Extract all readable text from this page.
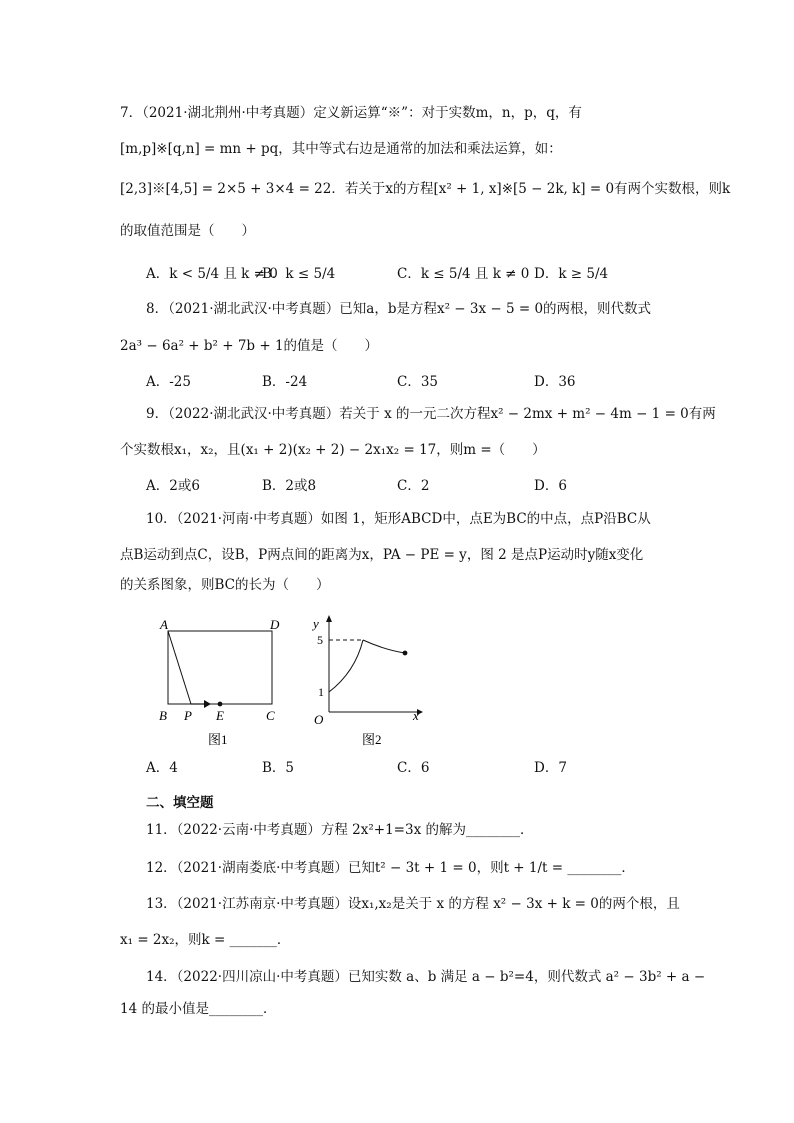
7．（2021·湖北荆州·中考真题）定义新运算“※”：对于实数m，n，p，q，有
[m,p]※[q,n] = mn + pq，其中等式右边是通常的加法和乘法运算，如：
[2,3]※[4,5] = 2×5 + 3×4 = 22．若关于x的方程[x² + 1, x]※[5 − 2k, k] = 0有两个实数根，则k
的取值范围是（　　）
A．k < 5/4 且 k ≠ 0
B．k ≤ 5/4	C．k ≤ 5/4 且 k ≠ 0 D．k ≥ 5/4
8．（2021·湖北武汉·中考真题）已知a，b是方程x² − 3x − 5 = 0的两根，则代数式
2a³ − 6a² + b² + 7b + 1的值是（　　）
A．-25	B．-24	C．35	D．36
9．（2022·湖北武汉·中考真题）若关于 x 的一元二次方程x² − 2mx + m² − 4m − 1 = 0有两
个实数根x₁，x₂，且(x₁ + 2)(x₂ + 2) − 2x₁x₂ = 17，则m =（　　）
A．2或6	B．2或8	C．2	D．6
10．（2021·河南·中考真题）如图 1，矩形ABCD中，点E为BC的中点，点P沿BC从
点B运动到点C，设B，P两点间的距离为x，PA − PE = y，图 2 是点P运动时y随x变化
的关系图象，则BC的长为（　　）
A	D
B P E	C
图1
y
5
1
O	x
图2
A．4	B．5	C．6	D．7
二、填空题
11．（2022·云南·中考真题）方程 2x²+1=3x 的解为________．
12．（2021·湖南娄底·中考真题）已知t² − 3t + 1 = 0，则t + 1/t = ________．
13．（2021·江苏南京·中考真题）设x₁,x₂是关于 x 的方程 x² − 3x + k = 0的两个根，且
x₁ = 2x₂，则k = _______．
14．（2022·四川凉山·中考真题）已知实数 a、b 满足 a − b²=4，则代数式 a² − 3b² + a −
14 的最小值是________．
